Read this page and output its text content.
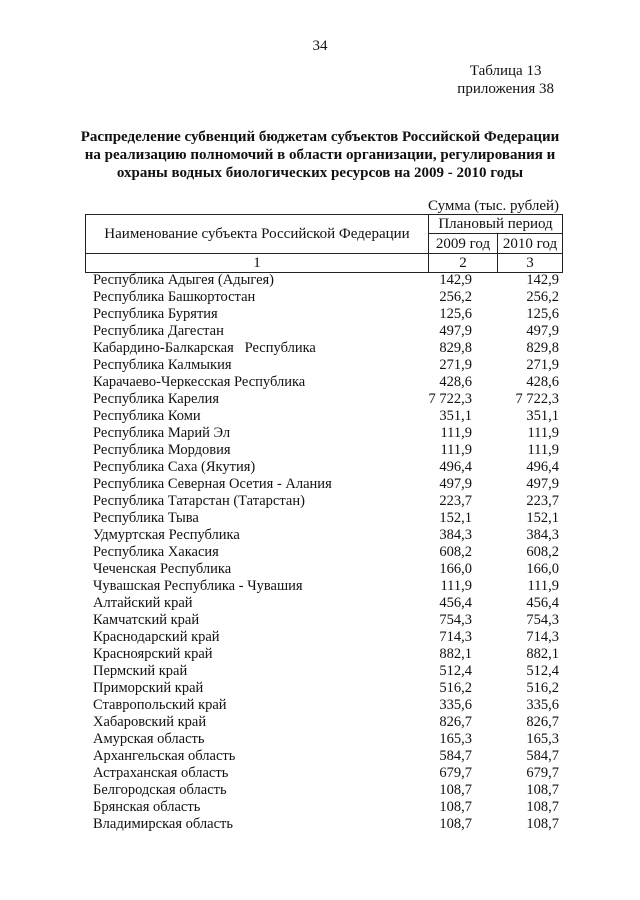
34
Таблица 13
приложения 38
Распределение субвенций бюджетам субъектов Российской Федерации
на реализацию полномочий в области организации, регулирования и
охраны водных биологических ресурсов на 2009 - 2010 годы
Сумма (тыс. рублей)
Наименование субъекта Российской Федерации	Плановый период	
	2009 год	2010 год
1	2	3
Республика Адыгея (Адыгея)	142,9	142,9
Республика Башкортостан	256,2	256,2
Республика Бурятия	125,6	125,6
Республика Дагестан	497,9	497,9
Кабардино-Балкарская   Республика	829,8	829,8
Республика Калмыкия	271,9	271,9
Карачаево-Черкесская Республика	428,6	428,6
Республика Карелия	7 722,3	7 722,3
Республика Коми	351,1	351,1
Республика Марий Эл	111,9	111,9
Республика Мордовия	111,9	111,9
Республика Саха (Якутия)	496,4	496,4
Республика Северная Осетия - Алания	497,9	497,9
Республика Татарстан (Татарстан)	223,7	223,7
Республика Тыва	152,1	152,1
Удмуртская Республика	384,3	384,3
Республика Хакасия	608,2	608,2
Чеченская Республика	166,0	166,0
Чувашская Республика - Чувашия	111,9	111,9
Алтайский край	456,4	456,4
Камчатский край	754,3	754,3
Краснодарский край	714,3	714,3
Красноярский край	882,1	882,1
Пермский край	512,4	512,4
Приморский край	516,2	516,2
Ставропольский край	335,6	335,6
Хабаровский край	826,7	826,7
Амурская область	165,3	165,3
Архангельская область	584,7	584,7
Астраханская область	679,7	679,7
Белгородская область	108,7	108,7
Брянская область	108,7	108,7
Владимирская область	108,7	108,7
